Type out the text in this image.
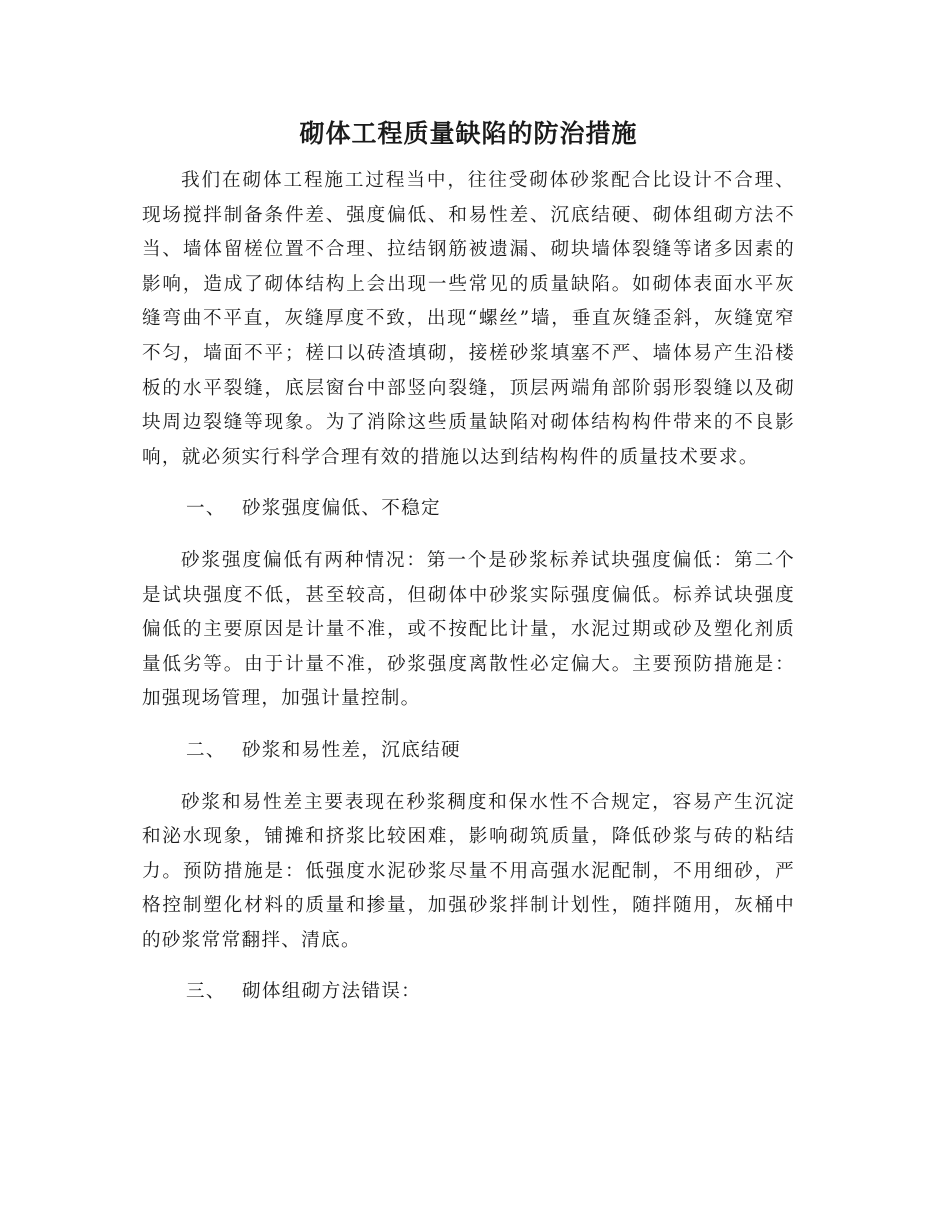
砌体工程质量缺陷的防治措施

我们在砌体工程施工过程当中，往往受砌体砂浆配合比设计不合理、现场搅拌制备条件差、强度偏低、和易性差、沉底结硬、砌体组砌方法不当、墙体留槎位置不合理、拉结钢筋被遗漏、砌块墙体裂缝等诸多因素的影响，造成了砌体结构上会出现一些常见的质量缺陷。如砌体表面水平灰缝弯曲不平直，灰缝厚度不致，出现“螺丝”墙，垂直灰缝歪斜，灰缝宽窄不匀，墙面不平；槎口以砖渣填砌，接槎砂浆填塞不严、墙体易产生沿楼板的水平裂缝，底层窗台中部竖向裂缝，顶层两端角部阶弱形裂缝以及砌块周边裂缝等现象。为了消除这些质量缺陷对砌体结构构件带来的不良影响，就必须实行科学合理有效的措施以达到结构构件的质量技术要求。

一、 砂浆强度偏低、不稳定

砂浆强度偏低有两种情况：第一个是砂浆标养试块强度偏低：第二个是试块强度不低，甚至较高，但砌体中砂浆实际强度偏低。标养试块强度偏低的主要原因是计量不准，或不按配比计量，水泥过期或砂及塑化剂质量低劣等。由于计量不准，砂浆强度离散性必定偏大。主要预防措施是：加强现场管理，加强计量控制。

二、 砂浆和易性差，沉底结硬

砂浆和易性差主要表现在秒浆稠度和保水性不合规定，容易产生沉淀和泌水现象，铺摊和挤浆比较困难，影响砌筑质量，降低砂浆与砖的粘结力。预防措施是：低强度水泥砂浆尽量不用高强水泥配制，不用细砂，严格控制塑化材料的质量和掺量，加强砂浆拌制计划性，随拌随用，灰桶中的砂浆常常翻拌、清底。

三、 砌体组砌方法错误：
